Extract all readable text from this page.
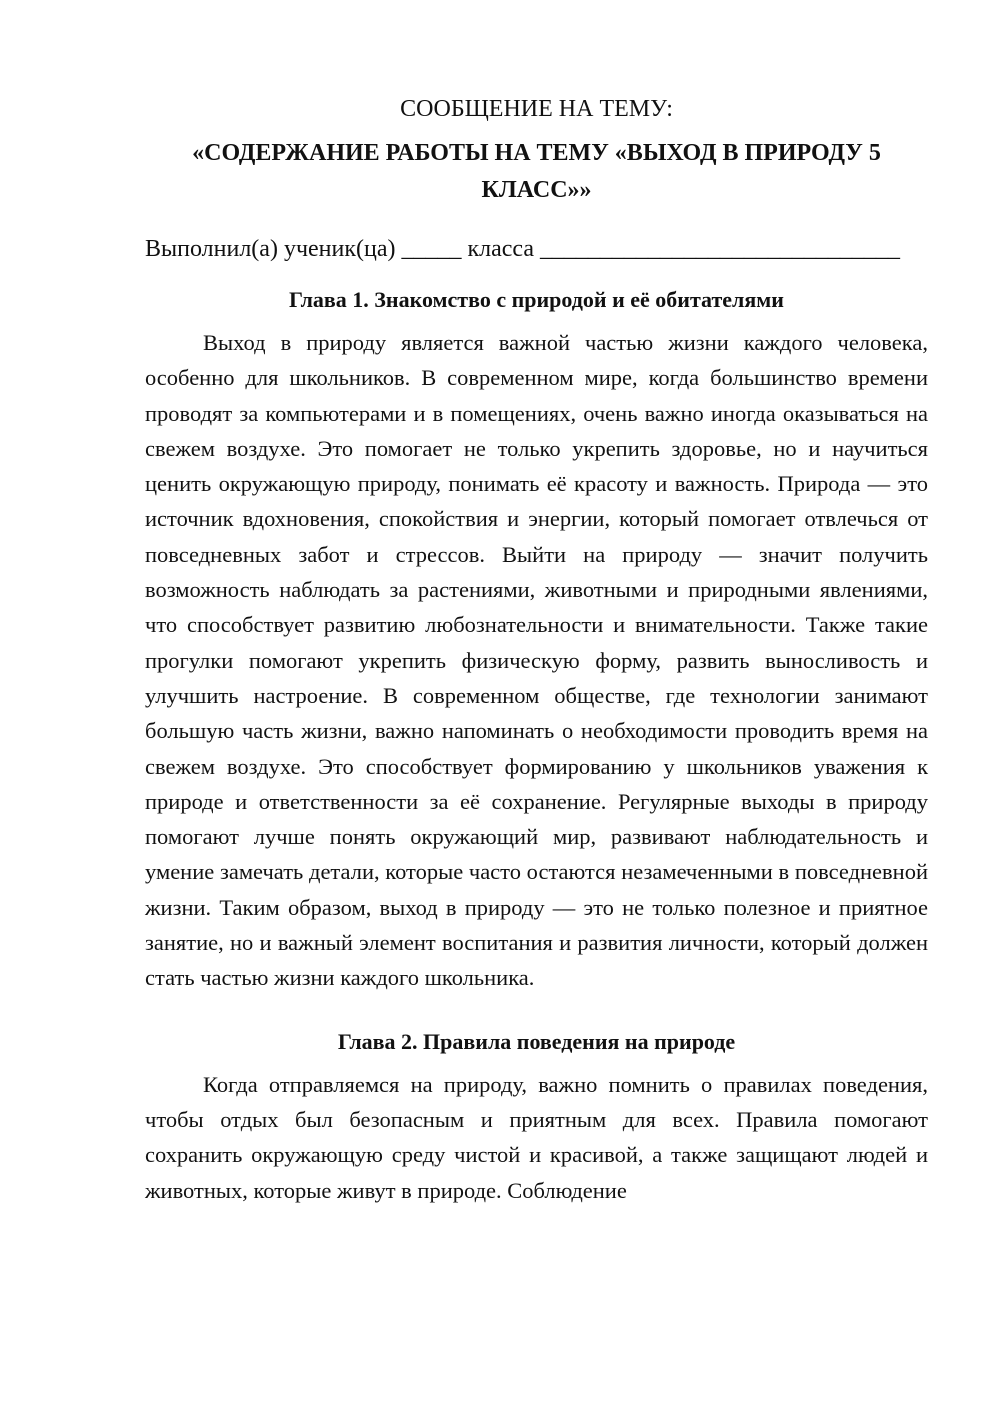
СООБЩЕНИЕ НА ТЕМУ:

«СОДЕРЖАНИЕ РАБОТЫ НА ТЕМУ «ВЫХОД В ПРИРОДУ 5
КЛАСС»»

Выполнил(а) ученик(ца) _____ класса ______________________________

Глава 1. Знакомство с природой и её обитателями

Выход в природу является важной частью жизни каждого человека, особенно для школьников. В современном мире, когда большинство времени проводят за компьютерами и в помещениях, очень важно иногда оказываться на свежем воздухе. Это помогает не только укрепить здоровье, но и научиться ценить окружающую природу, понимать её красоту и важность. Природа — это источник вдохновения, спокойствия и энергии, который помогает отвлечься от повседневных забот и стрессов. Выйти на природу — значит получить возможность наблюдать за растениями, животными и природными явлениями, что способствует развитию любознательности и внимательности. Также такие прогулки помогают укрепить физическую форму, развить выносливость и улучшить настроение. В современном обществе, где технологии занимают большую часть жизни, важно напоминать о необходимости проводить время на свежем воздухе. Это способствует формированию у школьников уважения к природе и ответственности за её сохранение. Регулярные выходы в природу помогают лучше понять окружающий мир, развивают наблюдательность и умение замечать детали, которые часто остаются незамеченными в повседневной жизни. Таким образом, выход в природу — это не только полезное и приятное занятие, но и важный элемент воспитания и развития личности, который должен стать частью жизни каждого школьника.

Глава 2. Правила поведения на природе

Когда отправляемся на природу, важно помнить о правилах поведения, чтобы отдых был безопасным и приятным для всех. Правила помогают сохранить окружающую среду чистой и красивой, а также защищают людей и животных, которые живут в природе. Соблюдение
